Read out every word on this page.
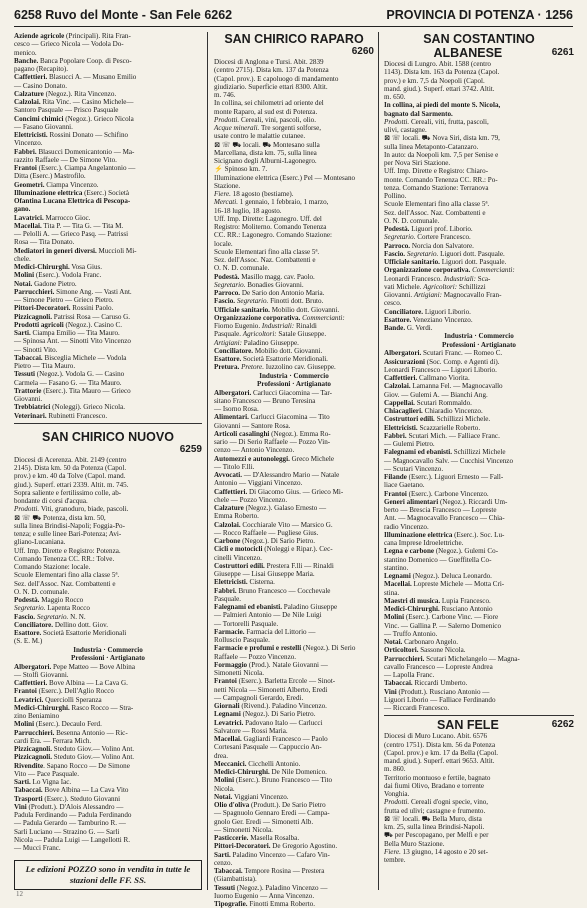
6258 Ruvo del Monte - San Fele 6262	PROVINCIA DI POTENZA · 1256
Aziende agricole (Principali). Rita Fran-
cesco — Grieco Nicola — Vodola Do-
menico.
Banche. Banca Popolare Coop. di Pesco-
pagano (Recapito).
Caffettieri. Blasucci A. — Musano Emilio
— Casino Donato.
Calzature (Negoz.). Rita Vincenzo.
Calzolai. Rita Vinc. — Casino Michele—
Santoro Pasquale — Prisco Pasquale
Concimi chimici (Negoz.). Grieco Nicola
— Fasano Giovanni.
Elettricisti. Rossini Donato — Schifino
Vincenzo.
Fabbri. Blasucci Domenicantonio — Ma-
razzito Raffaele — De Simone Vito.
Frantoi (Eserc.). Ciampa Angelantonio —
Ditta (Eserc.) Mastrofilo.
Geometri. Ciampa Vincenzo.
Illuminazione elettrica (Eserc.) Società
Ofantina Lucana Elettrica di Pescopa-
gano.
Lavatrici. Marrocco Gioc.
Macellai. Tita P. — Tita G. — Tita M.
— Pelolli A. — Grieco Pasq. — Patrissi
Rosa — Tita Donato.
Mediatori in generi diversi. Muccioli Mi-
chele.
Medici-Chirurghi. Vosa Gius.
Molini (Eserc.). Vodola Franc.
Notai. Gadone Pietro.
Parrucchieri. Simone Ang. — Vasti Ant.
— Simone Pietro — Grieco Pietro.
Pittori-Decoratori. Rossini Paolo.
Pizzicagnoli. Patrissi Rosa — Caruso G.
Prodotti agricoli (Negoz.). Casino C.
Sarti. Ciampa Emilio — Tita Mauro.
— Spinosa Ant. — Sinotti Vito Vincenzo
— Sinotti Vito.
Tabaccai. Bisceglia Michele — Vodola
Pietro — Tita Mauro.
Tessuti (Negoz.). Vodola G. — Casino
Carmela — Fasano G. — Tita Mauro.
Trattorie (Eserc.). Tita Mauro — Grieco
Giovanni.
Trebbiatrici (Noleggi). Grieco Nicola.
Veterinari. Rubinetti Francesco.
SAN CHIRICO NUOVO
6259
Diocesi di Acerenza. Abit. 2149 (centro
2145). Dista km. 50 da Potenza (Capol.
prov.) e km. 40 da Tolve (Capol. mand.
giud.). Superf. ettari 2339. Altit. m. 745.
Sopra saliente e fertilissimo colle, ab-
bondante di corsi d'acqua.
Prodotti. Viti, granoduro, biade, pascoli.
⊠ ☏ ⛟ Potenza, dista km. 50,
sulla linea Brindisi-Napoli; Foggia-Po-
tenza; e sulle linee Bari-Potenza; Avi-
gliano-Lucaniana.
Uff. Imp. Dirette e Registro: Potenza.
Comando Tenenza CC. RR.: Tolve.
Comando Stazione: locale.
Scuole Elementari fino alla classe 5ª.
Sez. dell'Assoc. Naz. Combattenti e
O. N. D. comunale.
Podestà. Maggio Rocco
Segretario. Lapenta Rocco
Fascio. Segretario. N. N.
Conciliatore. Dellino dott. Giov.
Esattore. Società Esattorie Meridionali
(S. E. M.)
Industria · Commercio
Professioni · Artigianato
Albergatori. Pepe Matteo — Bove Albina
— Stolfi Giovanni.
Caffettieri. Bove Albina — La Cava G.
Frantoi (Eserc.). Dell'Aglio Rocco
Levatrici. Querciolli Speranza
Medici-Chirurghi. Rasco Rocco — Stra-
zino Beniamino
Molini (Eserc.). Decaulo Ferd.
Parrucchieri. Besenna Antonio — Ric-
cardi Era. — Ferrara Mich.
Pizzicagnoli. Steduto Giov.— Volino Ant.
Pizzicagnoli. Steduto Giov.— Volino Ant.
Rivendite. Sapano Rocco — De Simone
Vito — Pace Pasquale.
Sarti. Lo Vigna Iac.
Tabaccai. Bove Albina — La Cava Vito
Trasporti (Eserc.). Steduto Giovanni
Vini (Produtt.). D'Alois Alessandro —
Padula Ferdinando — Padula Ferdinando
— Padula Gerardo — Tamburino R. —
Sarli Luciano — Strazino G. — Sarli
Nicola — Padula Luigi — Langellotti R.
— Mucci Franc.
Le edizioni POZZO sono in vendita in tutte le stazioni delle FF. SS.
SAN CHIRICO RAPARO
6260
Diocesi di Anglona e Tursi. Abit. 2839
(centro 2715). Dista km. 137 da Potenza
(Capol. prov.). E capoluogo di mandamento
giudiziario. Superficie ettari 8300. Altit.
m. 746.
In collina, sei chilometri ad oriente del
monte Raparo, al sud est di Potenza.
Prodotti. Cereali, vini, pascoli, olio.
Acque minerali. Tre sorgenti solforse,
usate contro le malattie cutanee.
⊠ ☏ ⛟ locali. ⛟ Montesano sulla
Marcellana, dista km. 75, sulla linea
Sicignano degli Alburni-Lagonegro.
⚡ Spinoso km. 7.
Illuminazione elettrica (Eserc.) Pel — Montesano
Stazione.
Fiere. 18 agosto (bestiame).
Mercati. 1 gennaio, 1 febbraio, 1 marzo,
16-18 luglio, 18 agosto.
Uff. Imp. Dirette: Lagonegro. Uff. del
Registro: Moliterno. Comando Tenenza
CC. RR.: Lagonegro. Comando Stazione:
locale.
Scuole Elementari fino alla classe 5ª.
Sez. dell'Assoc. Naz. Combattenti e
O. N. D. comunale.
Podestà. Masillo magg. cav. Paolo.
Segretario. Bonadies Giovanni.
Parroco. De Sario don Antonio Maria.
Fascio. Segretario. Finotti dott. Bruto.
Ufficiale sanitario. Mobilio dott. Giovanni.
Organizzazione corporativa. Commercianti:
Fiorno Eugenio. Industriali: Rinaldi
Pasquale. Agricoltori: Satale Giuseppe.
Artigiani: Paladino Giuseppe.
Conciliatore. Mobilio dott. Giovanni.
Esattore. Società Esattorie Meridionali.
Pretura. Pretore. Iuzzolino cav. Giuseppe.
Industria · Commercio
Professioni · Artigianato
Albergatori. Carlucci Giacomina — Tar-
sitano Francesco — Bruno Teresina
— Isorno Rosa.
Alimentari. Carlucci Giacomina — Tito
Giovanni — Santore Rosa.
Articoli casalinghi (Negoz.). Emma Ro-
sario — Di Serio Raffaele — Pozzo Vin-
cenzo — Antonio Vincenzo.
Automezzi e autonoleggi. Greco Michele
— Titolo F.lli.
Avvocati. — D'Alessandro Mario — Natale
Antonio — Viggiani Vincenzo.
Caffettieri. Di Giacomo Gius. — Grieco Mi-
chele — Pozzo Vincenzo.
Calzature (Negoz.). Galaso Ernesto —
Emma Roberto.
Calzolai. Cocchiarale Vito — Marsico G.
— Rocco Raffaele — Pugliese Gius.
Carbone (Negoz.). Di Sario Pietro.
Cicli e motocicli (Noleggi e Ripar.). Cec-
cinelli Vincenzo.
Costruttori edili. Prestera F.lli — Rinaldi
Giuseppe — Lisai Giuseppe Maria.
Elettricisti. Cisterna.
Fabbri. Bruno Francesco — Cocchevale
Pasquale.
Falegnami ed ebanisti. Paladino Giuseppe
— Palmieri Antonio — De Nile Luigi
— Tortorelli Pasquale.
Farmacie. Farmacia del Littorio —
Rolluscio Pasquale.
Farmacie e profumi e restelli (Negoz.). Di Serio
Raffaele — Pozzo Vincenzo.
Formaggio (Prod.). Natale Giovanni —
Simonetti Nicola.
Frantoi (Eserc.). Barletta Ercole — Sinot-
netti Nicola — Simonetti Alberto, Eredi
— Campagnoli Gerardo, Eredi.
Giornali (Rivend.). Paladino Vincenzo.
Legnami (Negoz.). Di Sario Pietro.
Levatrici. Padovano Italo — Carlucci
Salvatore — Rossi Maria.
Macellai. Gagliardi Francesco — Paolo
Cortesani Pasquale — Cappuccio An-
drea.
Meccanici. Cicchelli Antonio.
Medici-Chirurghi. De Nile Domenico.
Molini (Eserc.). Bruno Francesco — Tito
Nicola.
Notai. Viggiani Vincenzo.
Olio d'oliva (Produtt.). De Sario Pietro
— Spagnuolo Gennaro Eredi — Campa-
gnolo Ger. Eredi — Simonetti Alb.
— Simonetti Nicola.
Pasticcerie. Masella Rosalba.
Pittori-Decoratori. De Gregorio Agostino.
Sarti. Paladino Vincenzo — Cafaro Vin-
cenzo.
Tabaccai. Tempore Rosina — Prestera
(Giambattista).
Tessuti (Negoz.). Paladino Vincenzo —
Iuorno Eugenio — Anna Vincenzo.
Tipografie. Finotti Emma Roberto.
SAN COSTANTINO
ALBANESE	6261
Diocesi di Lungro. Abit. 1588 (centro
1143). Dista km. 163 da Potenza (Capol.
prov.) e km. 7,5 da Noepoli (Capol.
mand. giud.). Superf. ettari 3742. Altit.
m. 650.
In collina, ai piedi del monte S. Nicola,
bagnato dal Sarmento.
Prodotti. Cereali, viti, frutta, pascoli,
ulivi, castagne.
⊠ ☏ locali. ⛟ Nova Siri, dista km. 79,
sulla linea Metaponto-Catanzaro.
In auto: da Noepoli km. 7,5 per Senise e
per Nova Siri Stazione.
Uff. Imp. Dirette e Registro: Chiaro-
monte. Comando Tenenza CC. RR.: Po-
tenza. Comando Stazione: Terranova
Pollino.
Scuole Elementari fino alla classe 5ª.
Sez. dell'Assoc. Naz. Combattenti e
O. N. D. comunale.
Podestà. Liguori prof. Liborio.
Segretario. Cortere Francesco.
Parroco. Norcia don Salvatore.
Fascio. Segretario. Liguori dott. Pasquale.
Ufficiale sanitario. Liguori dott. Pasquale.
Organizzazione corporativa. Commercianti:
Leonardi Francesco. Industriali: Sca-
vati Michele. Agricoltori: Schillizzi
Giovanni. Artigiani: Magnocavallo Fran-
cesco.
Conciliatore. Liguori Liborio.
Esattore. Veneziano Vincenzo.
Bande. G. Verdi.
Industria · Commercio
Professioni · Artigianato
Albergatori. Scutari Franc. — Romeo C.
Assicurazioni (Soc. Comp. e Agenti di).
Leonardi Francesco — Liguori Liborio.
Caffettieri. Callmano Viorita.
Calzolai. Lamanna Fel. — Magnocavallo
Giov. — Gulemi A. — Bianchi Ang.
Cappellai. Scutari Rommaldo.
Chiacaglieri. Chiaradio Vincenzo.
Costruttori edili. Schillizzi Michele.
Elettricisti. Scazzarielle Roberto.
Fabbri. Scutari Mich. — Falliace Franc.
— Gulemi Pietro.
Falegnami ed ebanisti. Schillizzi Michele
— Magnocavallo Salv. — Cucchisi Vincenzo
— Scutari Vincenzo.
Filande (Eserc.). Liguori Ernesto — Fall-
liace Gaetano.
Frantoi (Eserc.). Carbone Vincenzo.
Generi alimentari (Negoz.). Riccardi Um-
berto — Brescia Francesco — Lopreste
Ant. — Magnocavallo Francesco — Chia-
radio Vincenzo.
Illuminazione elettrica (Eserc.). Soc. Lu-
cana Imprese Idroelettriche.
Legna e carbone (Negoz.). Gulemi Co-
stantino Domenico — Gueffitella Co-
stantino.
Legnami (Negoz.). Deluca Leonardo.
Macellai. Lopreste Michele — Motta Cri-
stina.
Maestri di musica. Lupia Francesco.
Medici-Chirurghi. Rusciano Antonio
Molini (Eserc.). Carbone Vinc. — Fiore
Vinc. — Gallina P. — Salerno Domenico
— Truffo Antonio.
Notai. Carbonaro Angelo.
Orticoltori. Sassone Nicola.
Parrucchieri. Scutari Michelangelo — Magna-
cavallo Francesco — Lopreste Andrea
— Lapolla Franc.
Tabaccai. Riccardi Umberto.
Vini (Produtt.). Rusciano Antonio —
Liguori Liborio — Falliace Ferdinando
— Riccardi Francesco.
SAN FELE	6262
Diocesi di Muro Lucano. Abit. 6576
(centro 1751). Dista km. 56 da Potenza
(Capol. prov.) e km. 17 da Bella (Capol.
mand. giud.). Superf. ettari 9653. Altit.
m. 860.
Territorio montuoso e fertile, bagnato
dai fiumi Olivo, Bradano e torrente
Vonghia.
Prodotti. Cereali d'ogni specie, vino,
frutta ed ulivi; castagne e frumento.
⊠ ☏ locali. ⛟ Bella Muro, dista
km. 25, sulla linea Brindisi-Napoli.
⛟ per Pescopagano, per Melfi e per
Bella Muro Stazione.
Fiere. 13 giugno, 14 agosto e 20 set-
tembre.
12
